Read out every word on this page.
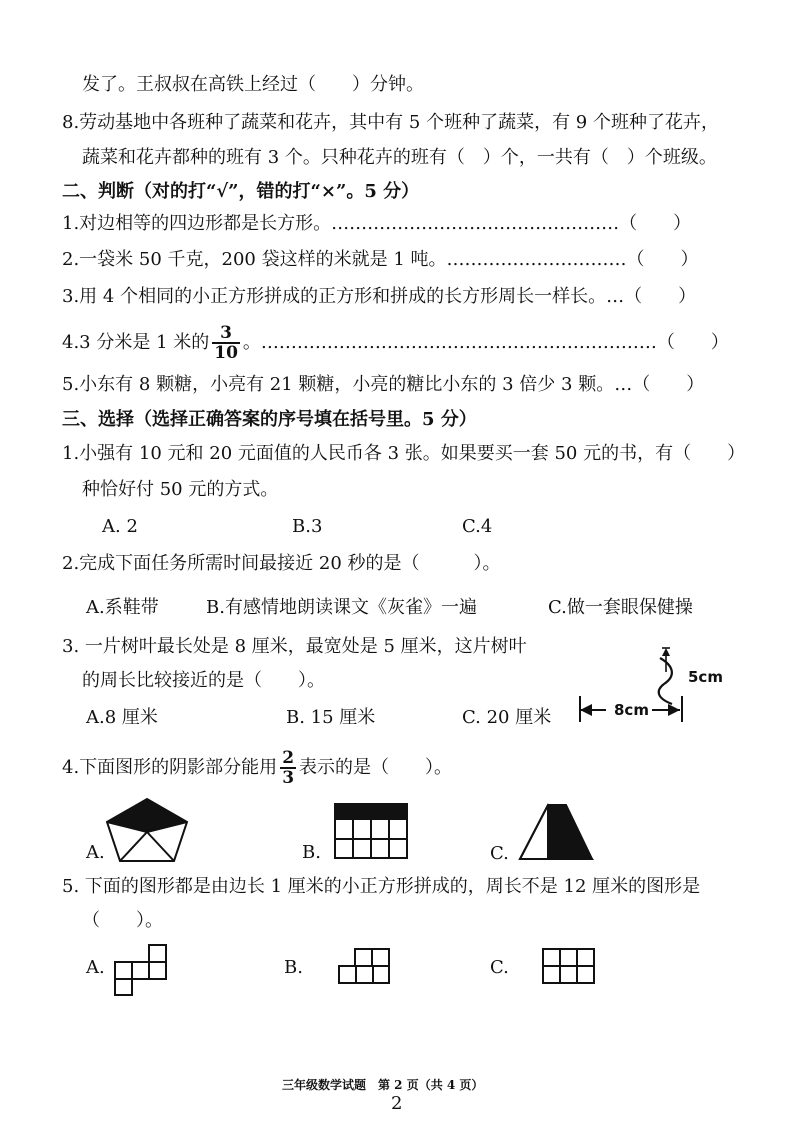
发了。王叔叔在高铁上经过（　　）分钟。
8.劳动基地中各班种了蔬菜和花卉，其中有 5 个班种了蔬菜，有 9 个班种了花卉，
蔬菜和花卉都种的班有 3 个。只种花卉的班有（　）个，一共有（　）个班级。
二、判断（对的打“√”，错的打“×”。5 分）
1.对边相等的四边形都是长方形。…………………………………………（　　）
2.一袋米 50 千克，200 袋这样的米就是 1 吨。…………………………（　　）
3.用 4 个相同的小正方形拼成的正方形和拼成的长方形周长一样长。…（　　）
4.3 分米是 1 米的 $\frac{3}{10}$ 。…………………………………………………………（　　）
5.小东有 8 颗糖，小亮有 21 颗糖，小亮的糖比小东的 3 倍少 3 颗。…（　　）
三、选择（选择正确答案的序号填在括号里。5 分）
1.小强有 10 元和 20 元面值的人民币各 3 张。如果要买一套 50 元的书，有（　　）
种恰好付 50 元的方式。
A. 2	B.3	C.4
2.完成下面任务所需时间最接近 20 秒的是（　　　）。
A.系鞋带	B.有感情地朗读课文《灰雀》一遍	C.做一套眼保健操
3. 一片树叶最长处是 8 厘米，最宽处是 5 厘米，这片树叶
的周长比较接近的是（　　）。
A.8 厘米	B. 15 厘米	C. 20 厘米
5cm
8cm
4.下面图形的阴影部分能用 $\frac{2}{3}$ 表示的是（　　）。
A.	B.	C.
5. 下面的图形都是由边长 1 厘米的小正方形拼成的，周长不是 12 厘米的图形是
（　　）。
A.	B.	C.
三年级数学试题　第 2 页（共 4 页）
2
